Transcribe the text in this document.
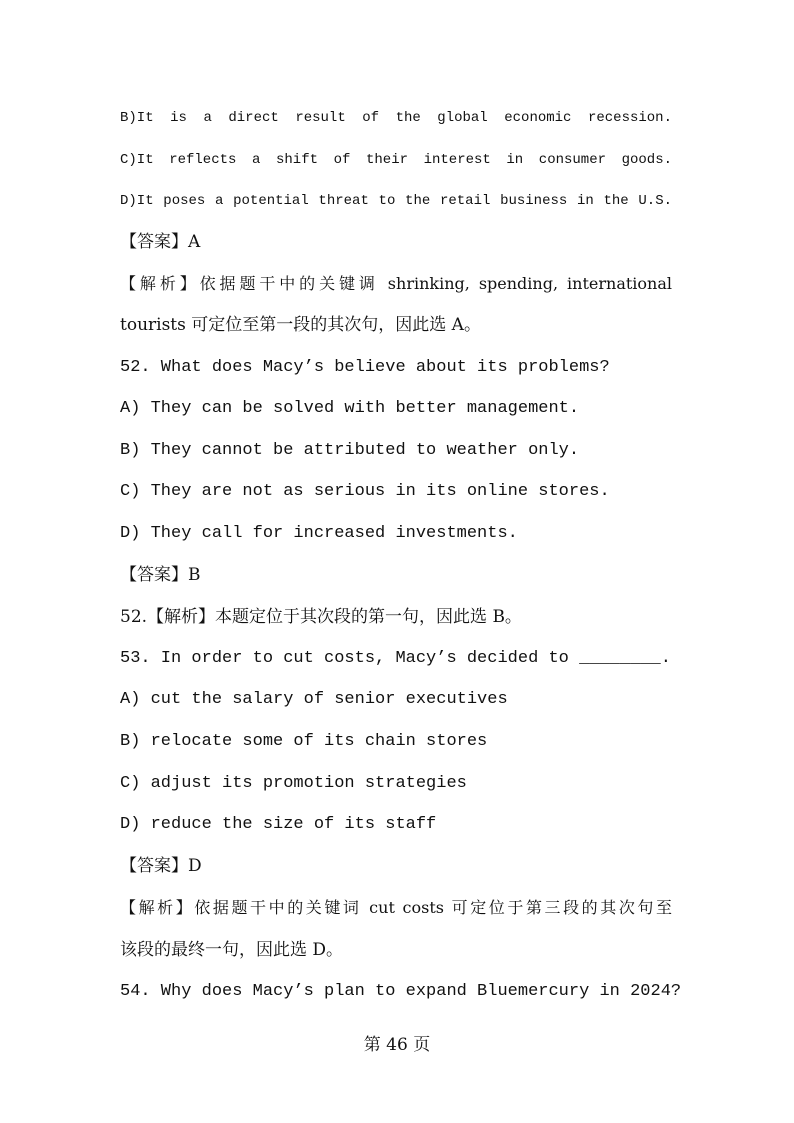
B)It is a direct result of the global economic recession.
C)It reflects a shift of their interest in consumer goods.
D)It poses a potential threat to the retail business in the U.S.
【答案】A
【解析】依据题干中的关键调 shrinking, spending, international
tourists 可定位至第一段的其次句，因此选 A。
52. What does Macy’s believe about its problems?
A) They can be solved with better management.
B) They cannot be attributed to weather only.
C) They are not as serious in its online stores.
D) They call for increased investments.
【答案】B
52.【解析】本题定位于其次段的第一句，因此选 B。
53. In order to cut costs, Macy’s decided to ________.
A) cut the salary of senior executives
B) relocate some of its chain stores
C) adjust its promotion strategies
D) reduce the size of its staff
【答案】D
【解析】依据题干中的关键词 cut costs 可定位于第三段的其次句至
该段的最终一句，因此选 D。
54. Why does Macy’s plan to expand Bluemercury in 2024?
第 46 页
